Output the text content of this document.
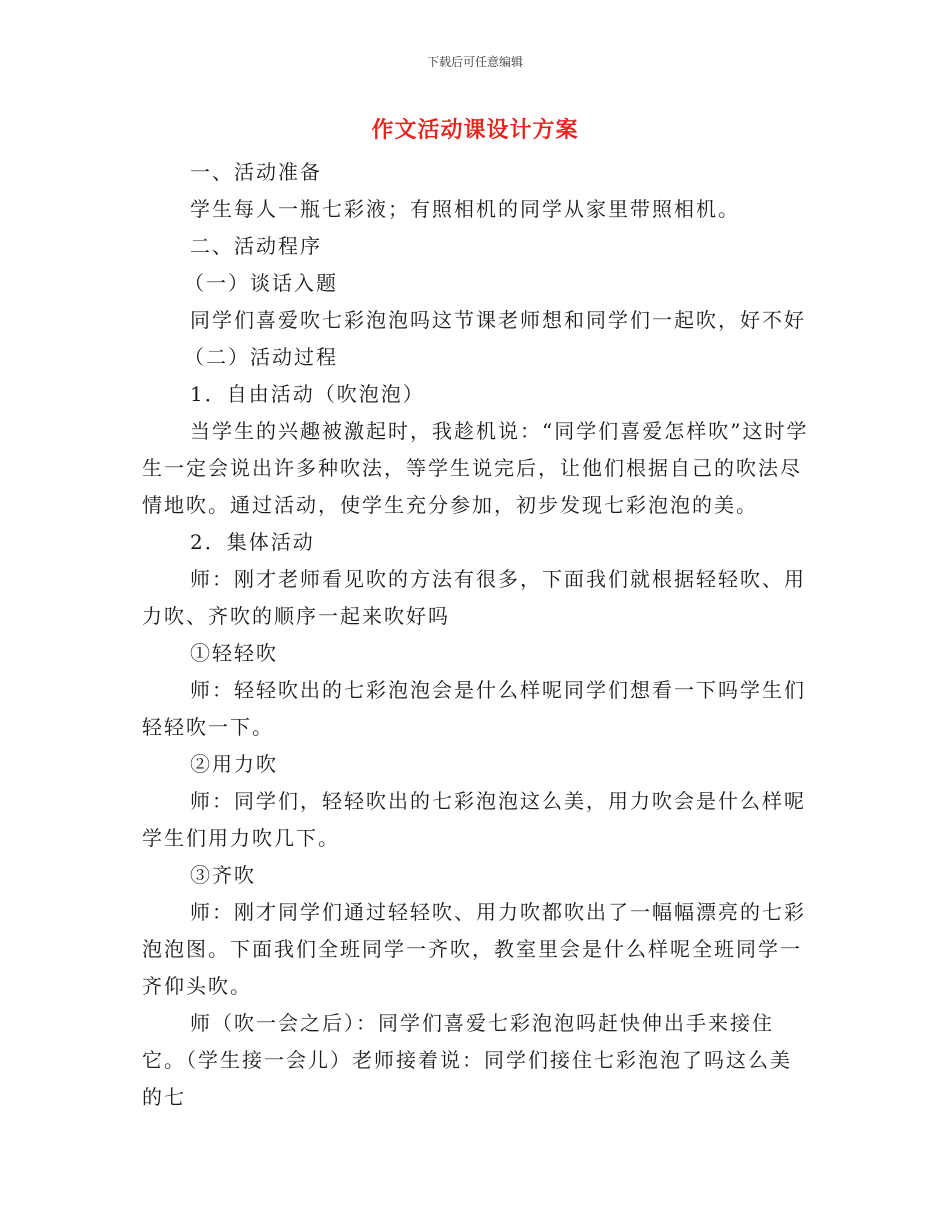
下载后可任意编辑
作文活动课设计方案

一、活动准备

学生每人一瓶七彩液；有照相机的同学从家里带照相机。

二、活动程序

（一）谈话入题

同学们喜爱吹七彩泡泡吗这节课老师想和同学们一起吹，好不好

（二）活动过程

1．自由活动（吹泡泡）

当学生的兴趣被激起时，我趁机说：“同学们喜爱怎样吹”这时学生一定会说出许多种吹法，等学生说完后，让他们根据自己的吹法尽情地吹。通过活动，使学生充分参加，初步发现七彩泡泡的美。

2．集体活动

师：刚才老师看见吹的方法有很多，下面我们就根据轻轻吹、用力吹、齐吹的顺序一起来吹好吗

①轻轻吹

师：轻轻吹出的七彩泡泡会是什么样呢同学们想看一下吗学生们轻轻吹一下。

②用力吹

师：同学们，轻轻吹出的七彩泡泡这么美，用力吹会是什么样呢学生们用力吹几下。

③齐吹

师：刚才同学们通过轻轻吹、用力吹都吹出了一幅幅漂亮的七彩泡泡图。下面我们全班同学一齐吹，教室里会是什么样呢全班同学一齐仰头吹。

师（吹一会之后）：同学们喜爱七彩泡泡吗赶快伸出手来接住它。（学生接一会儿）老师接着说：同学们接住七彩泡泡了吗这么美的七
